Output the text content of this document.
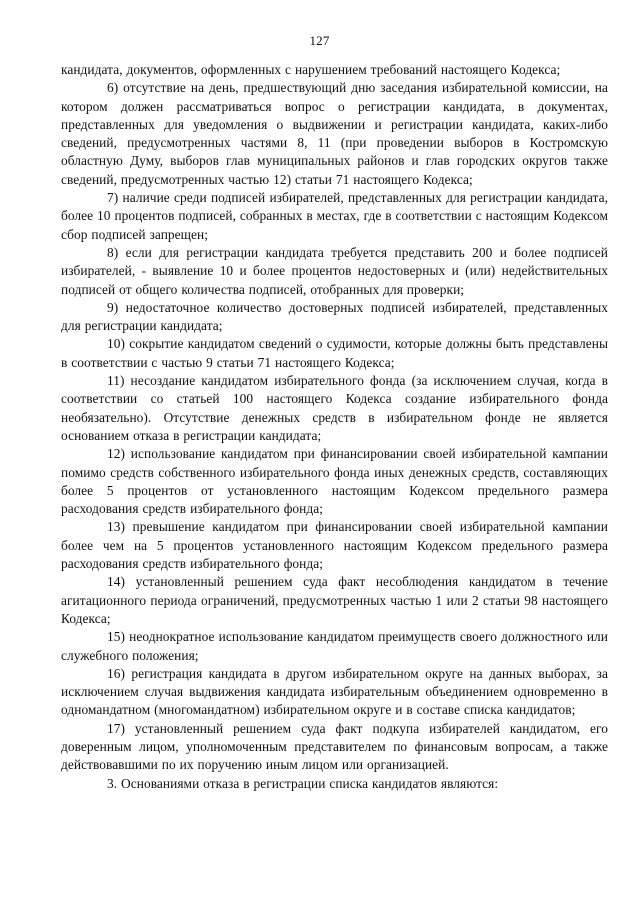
127

кандидата, документов, оформленных с нарушением требований настоящего Кодекса;

6) отсутствие на день, предшествующий дню заседания избирательной комиссии, на котором должен рассматриваться вопрос о регистрации кандидата, в документах, представленных для уведомления о выдвижении и регистрации кандидата, каких-либо сведений, предусмотренных частями 8, 11 (при проведении выборов в Костромскую областную Думу, выборов глав муниципальных районов и глав городских округов также сведений, предусмотренных частью 12) статьи 71 настоящего Кодекса;

7) наличие среди подписей избирателей, представленных для регистрации кандидата, более 10 процентов подписей, собранных в местах, где в соответствии с настоящим Кодексом сбор подписей запрещен;

8) если для регистрации кандидата требуется представить 200 и более подписей избирателей, - выявление 10 и более процентов недостоверных и (или) недействительных подписей от общего количества подписей, отобранных для проверки;

9) недостаточное количество достоверных подписей избирателей, представленных для регистрации кандидата;

10) сокрытие кандидатом сведений о судимости, которые должны быть представлены в соответствии с частью 9 статьи 71 настоящего Кодекса;

11) несоздание кандидатом избирательного фонда (за исключением случая, когда в соответствии со статьей 100 настоящего Кодекса создание избирательного фонда необязательно). Отсутствие денежных средств в избирательном фонде не является основанием отказа в регистрации кандидата;

12) использование кандидатом при финансировании своей избирательной кампании помимо средств собственного избирательного фонда иных денежных средств, составляющих более 5 процентов от установленного настоящим Кодексом предельного размера расходования средств избирательного фонда;

13) превышение кандидатом при финансировании своей избирательной кампании более чем на 5 процентов установленного настоящим Кодексом предельного размера расходования средств избирательного фонда;

14) установленный решением суда факт несоблюдения кандидатом в течение агитационного периода ограничений, предусмотренных частью 1 или 2 статьи 98 настоящего Кодекса;

15) неоднократное использование кандидатом преимуществ своего должностного или служебного положения;

16) регистрация кандидата в другом избирательном округе на данных выборах, за исключением случая выдвижения кандидата избирательным объединением одновременно в одномандатном (многомандатном) избирательном округе и в составе списка кандидатов;

17) установленный решением суда факт подкупа избирателей кандидатом, его доверенным лицом, уполномоченным представителем по финансовым вопросам, а также действовавшими по их поручению иным лицом или организацией.

3. Основаниями отказа в регистрации списка кандидатов являются:
